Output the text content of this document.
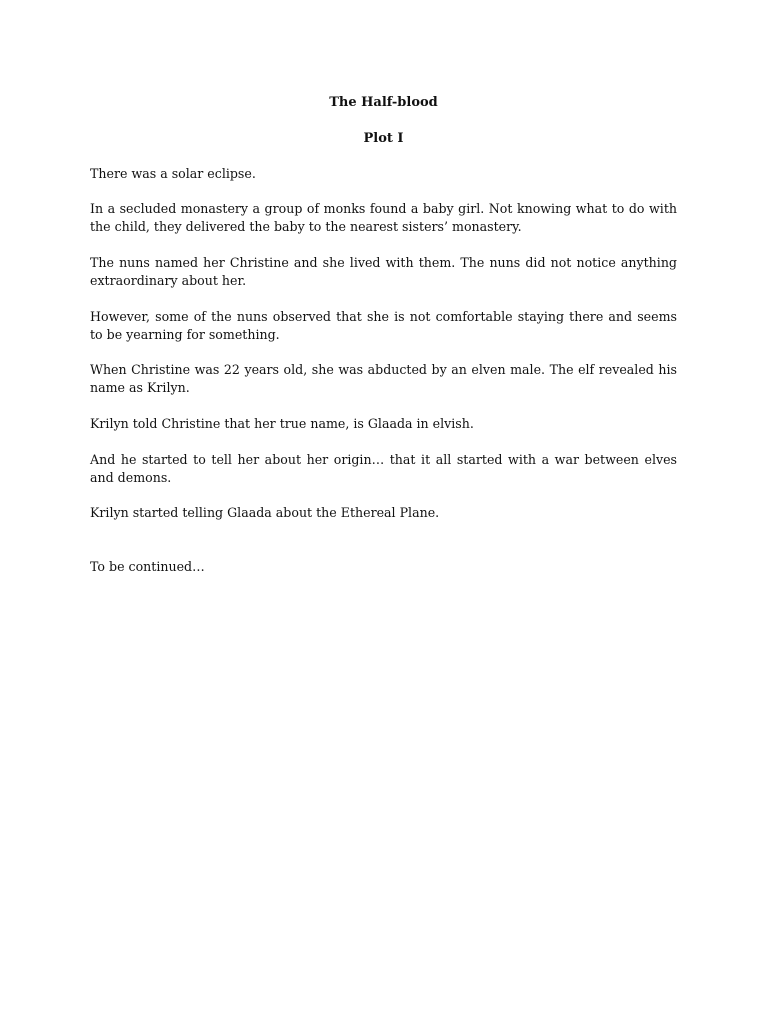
The Half-blood
Plot I

There was a solar eclipse.

In a secluded monastery a group of monks found a baby girl. Not knowing what to do with the child, they delivered the baby to the nearest sisters’ monastery.

The nuns named her Christine and she lived with them. The nuns did not notice anything extraordinary about her.

However, some of the nuns observed that she is not comfortable staying there and seems to be yearning for something.

When Christine was 22 years old, she was abducted by an elven male. The elf revealed his name as Krilyn.

Krilyn told Christine that her true name, is Glaada in elvish.

And he started to tell her about her origin… that it all started with a war between elves and demons.

Krilyn started telling Glaada about the Ethereal Plane.

To be continued…
